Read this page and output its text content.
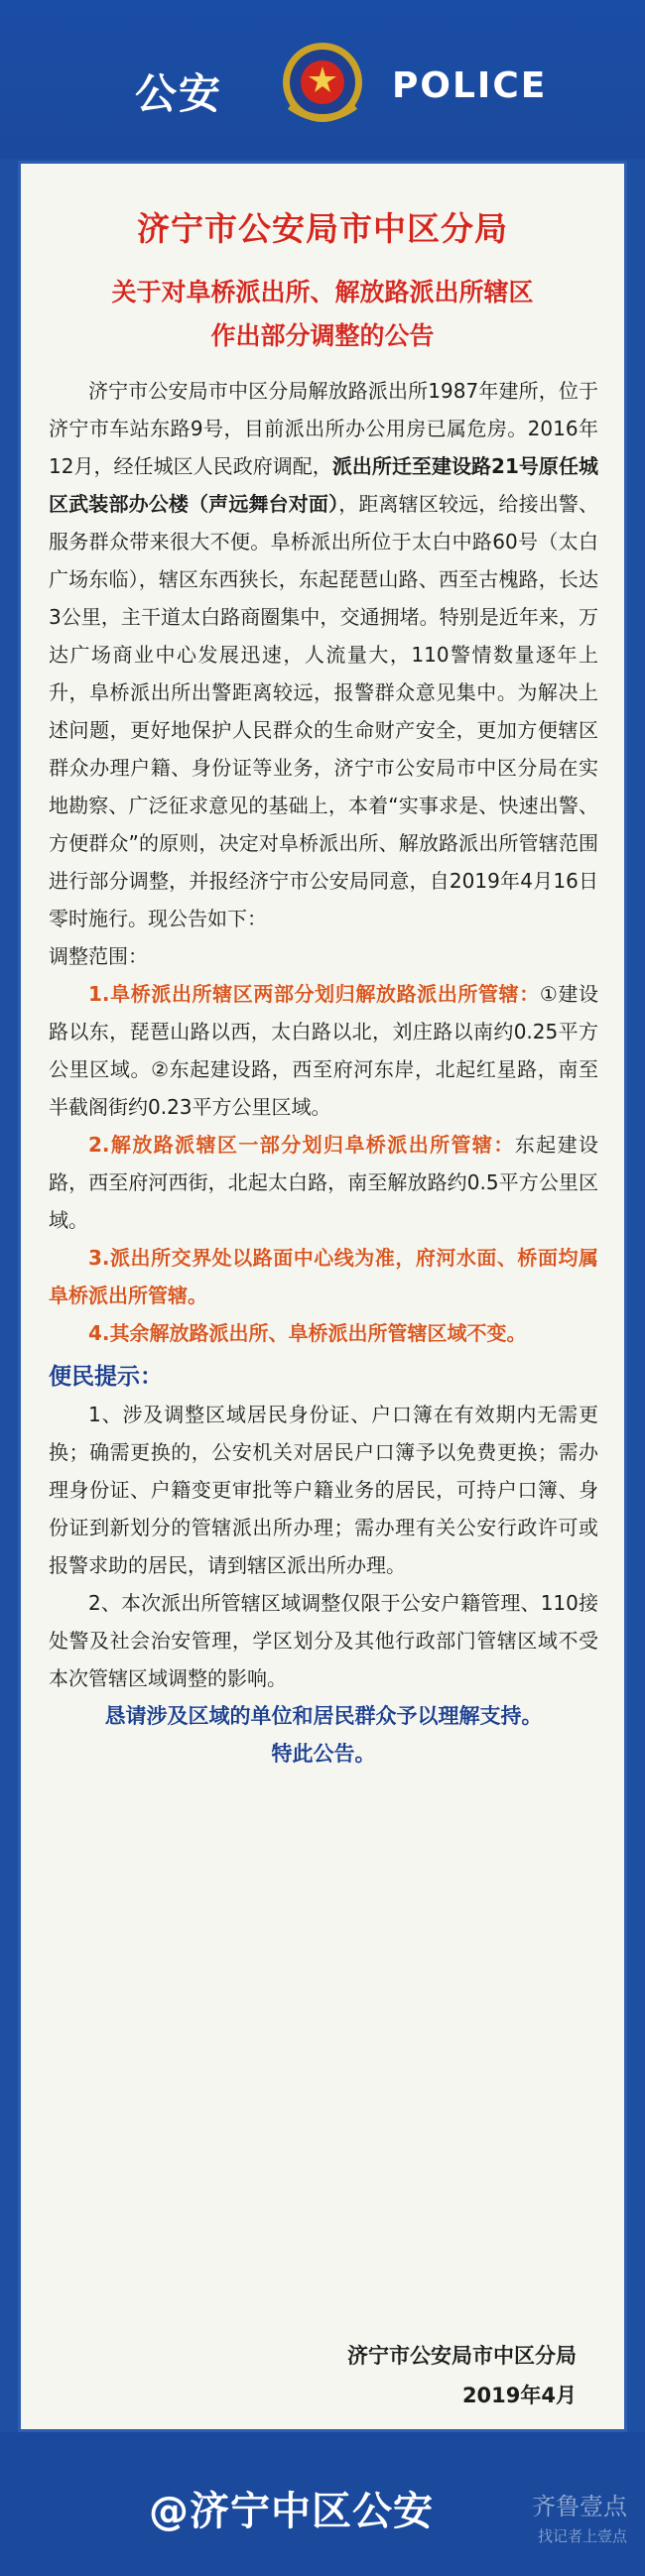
公安	POLICE
济宁市公安局市中区分局
关于对阜桥派出所、解放路派出所辖区
作出部分调整的公告

济宁市公安局市中区分局解放路派出所1987年建所，位于济宁市车站东路9号，目前派出所办公用房已属危房。2016年12月，经任城区人民政府调配，派出所迁至建设路21号原任城区武装部办公楼（声远舞台对面），距离辖区较远，给接出警、服务群众带来很大不便。阜桥派出所位于太白中路60号（太白广场东临），辖区东西狭长，东起琵琶山路、西至古槐路，长达3公里，主干道太白路商圈集中，交通拥堵。特别是近年来，万达广场商业中心发展迅速，人流量大，110警情数量逐年上升，阜桥派出所出警距离较远，报警群众意见集中。为解决上述问题，更好地保护人民群众的生命财产安全，更加方便辖区群众办理户籍、身份证等业务，济宁市公安局市中区分局在实地勘察、广泛征求意见的基础上，本着“实事求是、快速出警、方便群众”的原则，决定对阜桥派出所、解放路派出所管辖范围进行部分调整，并报经济宁市公安局同意，自2019年4月16日零时施行。现公告如下：

调整范围：

1.阜桥派出所辖区两部分划归解放路派出所管辖：①建设路以东，琵琶山路以西，太白路以北，刘庄路以南约0.25平方公里区域。②东起建设路，西至府河东岸，北起红星路，南至半截阁街约0.23平方公里区域。

2.解放路派辖区一部分划归阜桥派出所管辖：东起建设路，西至府河西街，北起太白路，南至解放路约0.5平方公里区域。

3.派出所交界处以路面中心线为准，府河水面、桥面均属阜桥派出所管辖。

4.其余解放路派出所、阜桥派出所管辖区域不变。

便民提示：

1、涉及调整区域居民身份证、户口簿在有效期内无需更换；确需更换的，公安机关对居民户口簿予以免费更换；需办理身份证、户籍变更审批等户籍业务的居民，可持户口簿、身份证到新划分的管辖派出所办理；需办理有关公安行政许可或报警求助的居民，请到辖区派出所办理。

2、本次派出所管辖区域调整仅限于公安户籍管理、110接处警及社会治安管理，学区划分及其他行政部门管辖区域不受本次管辖区域调整的影响。

恳请涉及区域的单位和居民群众予以理解支持。

特此公告。

济宁市公安局市中区分局
2019年4月
@济宁中区公安	齐鲁壹点
找记者上壹点
